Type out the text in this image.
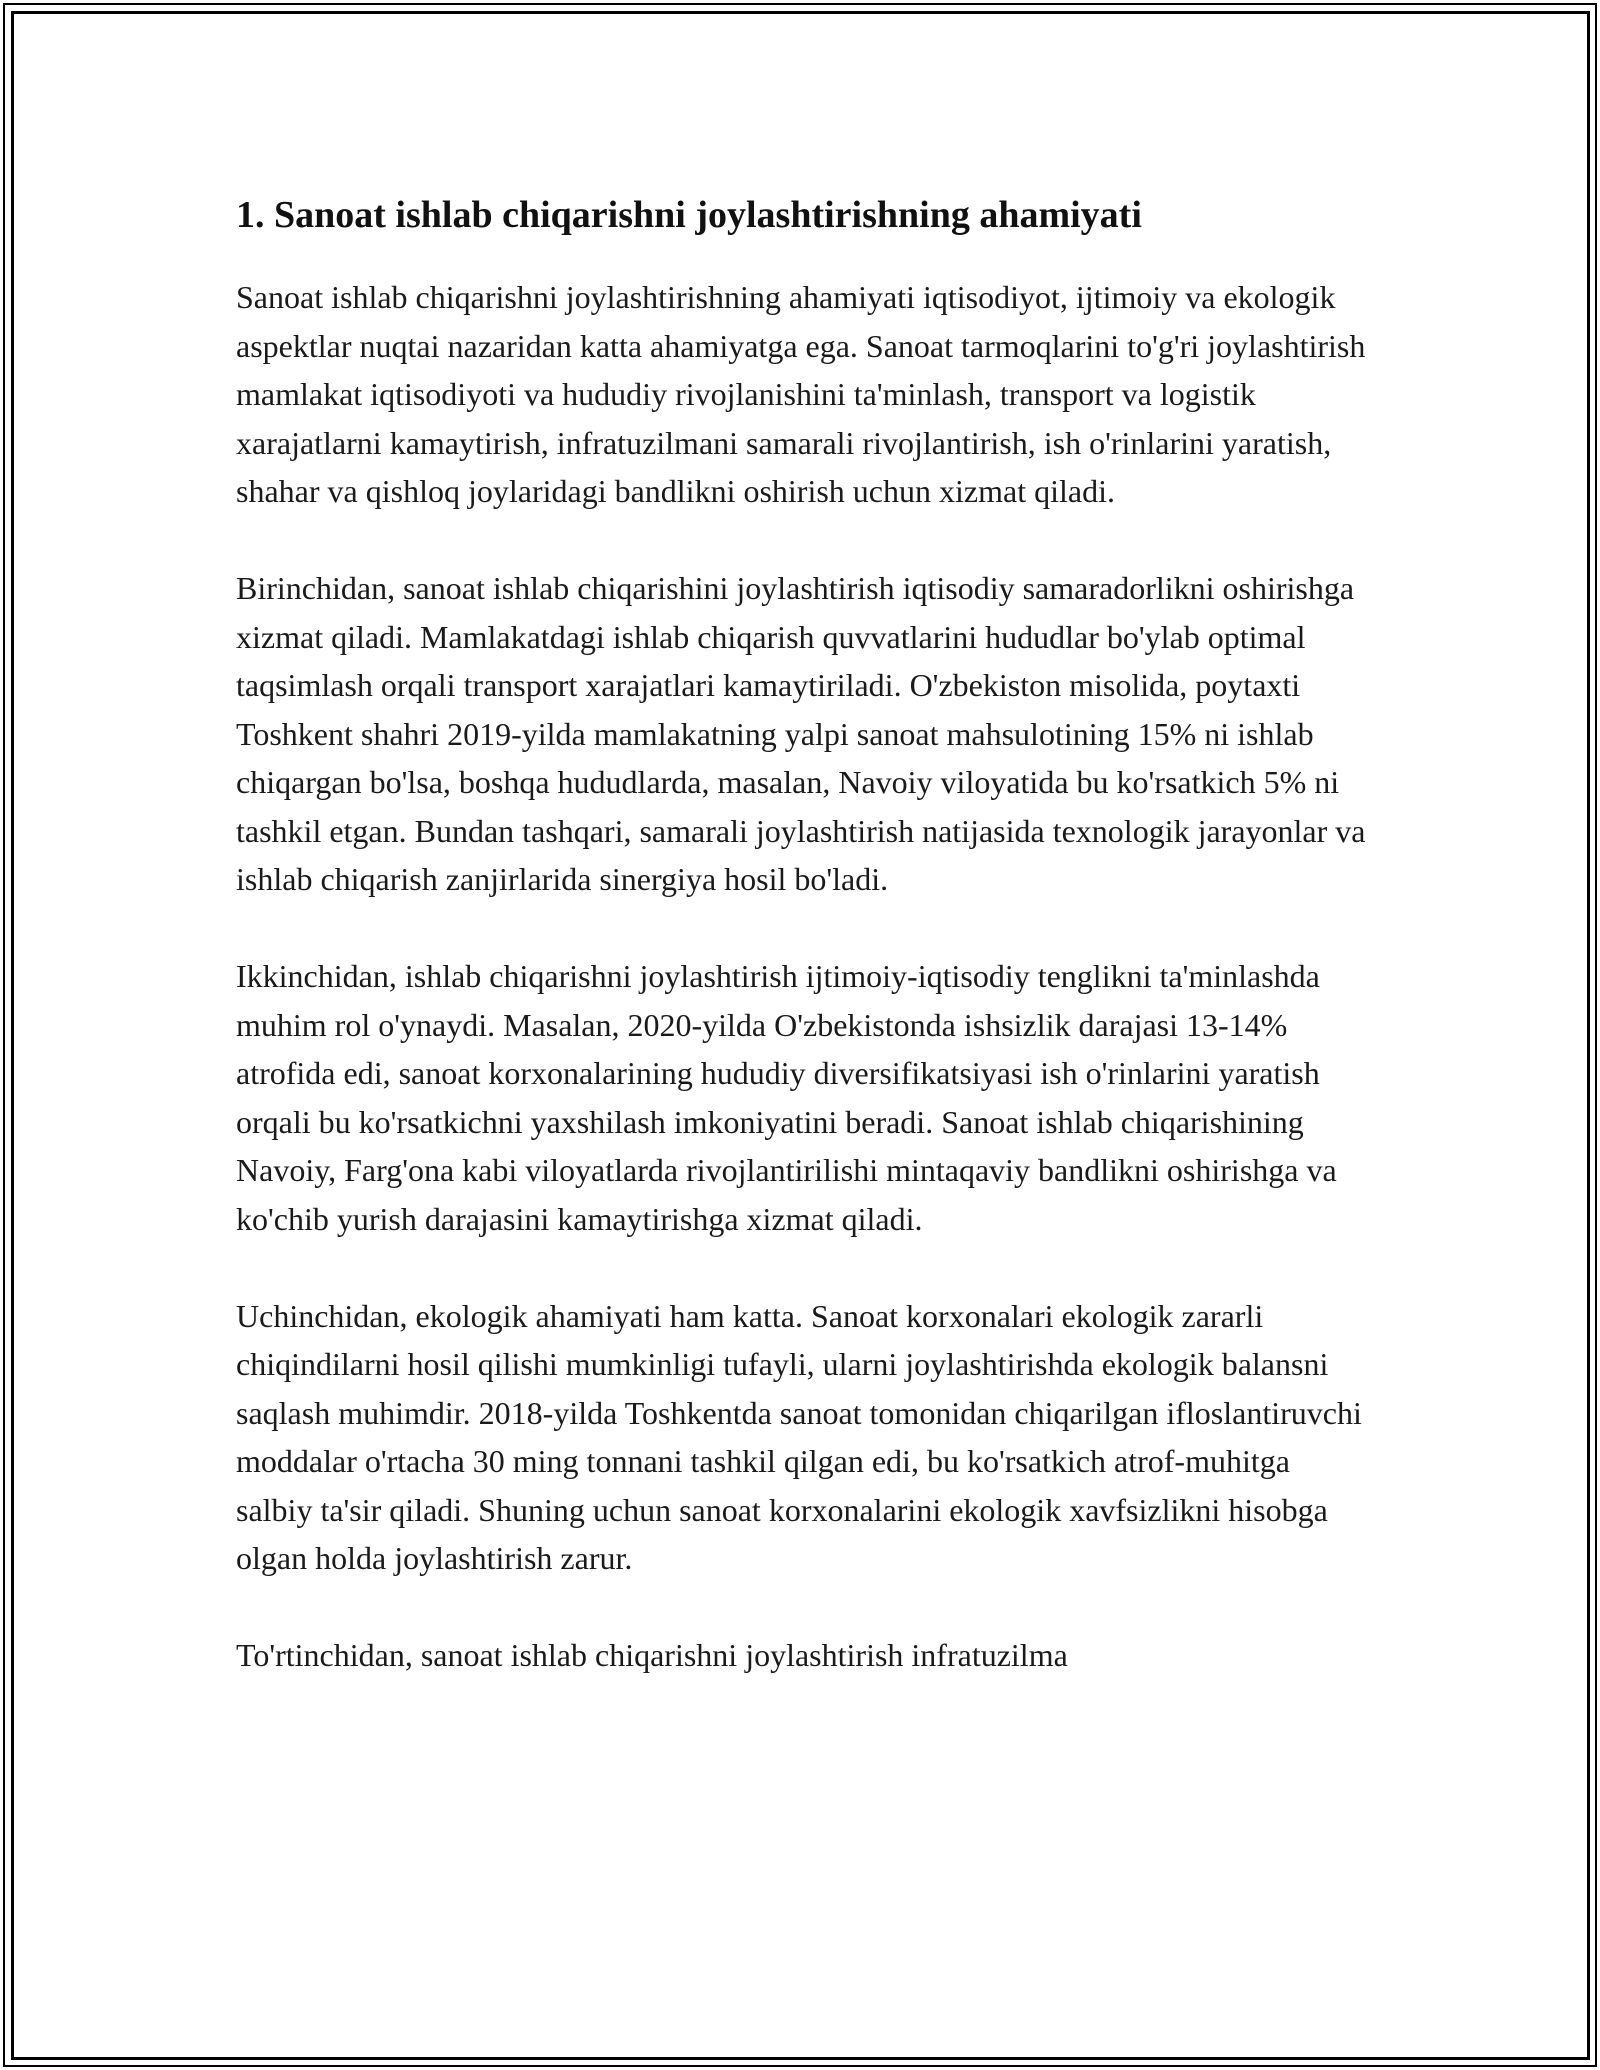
1. Sanoat ishlab chiqarishni joylashtirishning ahamiyati

Sanoat ishlab chiqarishni joylashtirishning ahamiyati iqtisodiyot, ijtimoiy va ekologik aspektlar nuqtai nazaridan katta ahamiyatga ega. Sanoat tarmoqlarini to'g'ri joylashtirish mamlakat iqtisodiyoti va hududiy rivojlanishini ta'minlash, transport va logistik xarajatlarni kamaytirish, infratuzilmani samarali rivojlantirish, ish o'rinlarini yaratish, shahar va qishloq joylaridagi bandlikni oshirish uchun xizmat qiladi.

Birinchidan, sanoat ishlab chiqarishini joylashtirish iqtisodiy samaradorlikni oshirishga xizmat qiladi. Mamlakatdagi ishlab chiqarish quvvatlarini hududlar bo'ylab optimal taqsimlash orqali transport xarajatlari kamaytiriladi. O'zbekiston misolida, poytaxti Toshkent shahri 2019-yilda mamlakatning yalpi sanoat mahsulotining 15% ni ishlab chiqargan bo'lsa, boshqa hududlarda, masalan, Navoiy viloyatida bu ko'rsatkich 5% ni tashkil etgan. Bundan tashqari, samarali joylashtirish natijasida texnologik jarayonlar va ishlab chiqarish zanjirlarida sinergiya hosil bo'ladi.

Ikkinchidan, ishlab chiqarishni joylashtirish ijtimoiy-iqtisodiy tenglikni ta'minlashda muhim rol o'ynaydi. Masalan, 2020-yilda O'zbekistonda ishsizlik darajasi 13-14% atrofida edi, sanoat korxonalarining hududiy diversifikatsiyasi ish o'rinlarini yaratish orqali bu ko'rsatkichni yaxshilash imkoniyatini beradi. Sanoat ishlab chiqarishining Navoiy, Farg'ona kabi viloyatlarda rivojlantirilishi mintaqaviy bandlikni oshirishga va ko'chib yurish darajasini kamaytirishga xizmat qiladi.

Uchinchidan, ekologik ahamiyati ham katta. Sanoat korxonalari ekologik zararli chiqindilarni hosil qilishi mumkinligi tufayli, ularni joylashtirishda ekologik balansni saqlash muhimdir. 2018-yilda Toshkentda sanoat tomonidan chiqarilgan ifloslantiruvchi moddalar o'rtacha 30 ming tonnani tashkil qilgan edi, bu ko'rsatkich atrof-muhitga salbiy ta'sir qiladi. Shuning uchun sanoat korxonalarini ekologik xavfsizlikni hisobga olgan holda joylashtirish zarur.

To'rtinchidan, sanoat ishlab chiqarishni joylashtirish infratuzilma
